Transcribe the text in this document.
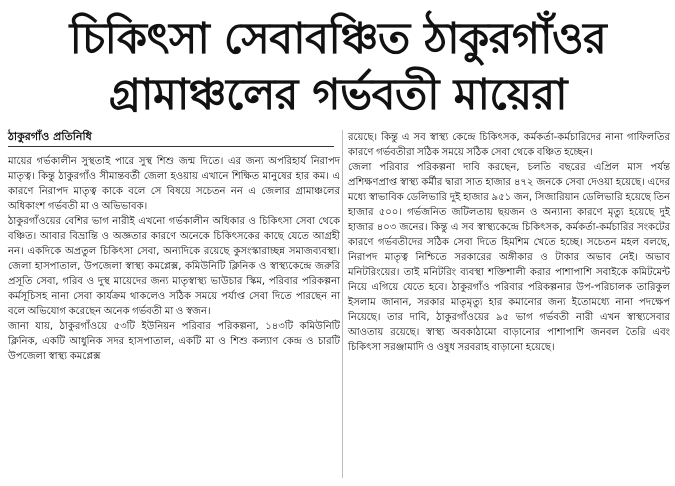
চিকিৎসা সেবাবঞ্চিত ঠাকুরগাঁওর
গ্রামাঞ্চলের গর্ভবতী মায়েরা
ঠাকুরগাঁও প্রতিনিধি

মায়ের গর্ভকালীন সুস্থতাই পারে সুস্থ শিশু জন্ম দিতে। এর জন্য অপরিহার্য নিরাপদ মাতৃত্ব। কিন্তু ঠাকুরগাঁও সীমান্তবর্তী জেলা হওয়ায় এখানে শিক্ষিত মানুষের হার কম। এ কারণে নিরাপদ মাতৃত্ব কাকে বলে সে বিষয়ে সচেতন নন এ জেলার গ্রামাঞ্চলের অধিকাংশ গর্ভবতী মা ও অভিভাবক।

ঠাকুরগাঁওয়ের বেশির ভাগ নারীই এখনো গর্ভকালীন অধিকার ও চিকিৎসা সেবা থেকে বঞ্চিত। আবার বিভ্রান্তি ও অজ্ঞতার কারণে অনেকে চিকিৎসকের কাছে যেতে আগ্রহী নন। একদিকে অপ্রতুল চিকিৎসা সেবা, অন্যদিকে রয়েছে কুসংস্কারাচ্ছন্ন সমাজব্যবস্থা। জেলা হাসপাতাল, উপজেলা স্বাস্থ্য কমপ্লেক্স, কমিউনিটি ক্লিনিক ও স্বাস্থ্যকেন্দ্রে জরুরি প্রসূতি সেবা, গরিব ও দুস্থ মায়েদের জন্য মাতৃস্বাস্থ্য ভাউচার স্কিম, পরিবার পরিকল্পনা কর্মসূচিসহ নানা সেবা কার্যক্রম থাকলেও সঠিক সময়ে পর্যাপ্ত সেবা দিতে পারছেন না বলে অভিযোগ করেছেন অনেক গর্ভবতী মা ও স্বজন।

জানা যায়, ঠাকুরগাঁওয়ে ৫৩টি ইউনিয়ন পরিবার পরিকল্পনা, ১৪৩টি কমিউনিটি ক্লিনিক, একটি আধুনিক সদর হাসপাতাল, একটি মা ও শিশু কল্যাণ কেন্দ্র ও চারটি উপজেলা স্বাস্থ্য কমপ্লেক্স

রয়েছে। কিন্তু এ সব স্বাস্থ্য কেন্দ্রে চিকিৎসক, কর্মকর্তা-কর্মচারিদের নানা গাফিলতির কারণে গর্ভবতীরা সঠিক সময়ে সঠিক সেবা থেকে বঞ্চিত হচ্ছেন।

জেলা পরিবার পরিকল্পনা দাবি করছেন, চলতি বছরের এপ্রিল মাস পর্যন্ত প্রশিক্ষণপ্রাপ্ত স্বাস্থ্য কর্মীর দ্বারা সাত হাজার ৪৭২ জনকে সেবা দেওয়া হয়েছে। এদের মধ্যে স্বাভাবিক ডেলিভারি দুই হাজার ৯৫১ জন, সিজারিয়ান ডেলিভারি হয়েছে তিন হাজার ৫০০। গর্ভজনিত জটিলতায় ছয়জন ও অন্যান্য কারণে মৃত্যু হয়েছে দুই হাজার ৪০৩ জনের। কিন্তু এ সব স্বাস্থ্যকেন্দ্রে চিকিৎসক, কর্মকর্তা-কর্মচারির সংকটের কারণে গর্ভবতীদের সঠিক সেবা দিতে হিমশিম খেতে হচ্ছে। সচেতন মহল বলছে, নিরাপদ মাতৃত্ব নিশ্চিতে সরকারের অঙ্গীকার ও টাকার অভাব নেই। অভাব মনিটরিংয়ের। তাই মনিটরিং ব্যবস্থা শক্তিশালী করার পাশাপাশি সবাইকে কমিটমেন্ট নিয়ে এগিয়ে যেতে হবে। ঠাকুরগাঁও পরিবার পরিকল্পনার উপ-পরিচালক তারিকুল ইসলাম জানান, সরকার মাতৃমৃত্যু হার কমানোর জন্য ইতোমধ্যে নানা পদক্ষেপ নিয়েছে। তার দাবি, ঠাকুরগাঁওয়ের ৯৫ ভাগ গর্ভবতী নারী এখন স্বাস্থ্যসেবার আওতায় রয়েছে। স্বাস্থ্য অবকাঠামো বাড়ানোর পাশাপাশি জনবল তৈরি এবং চিকিৎসা সরঞ্জামাদি ও ওষুধ সরবরাহ বাড়ানো হয়েছে।
